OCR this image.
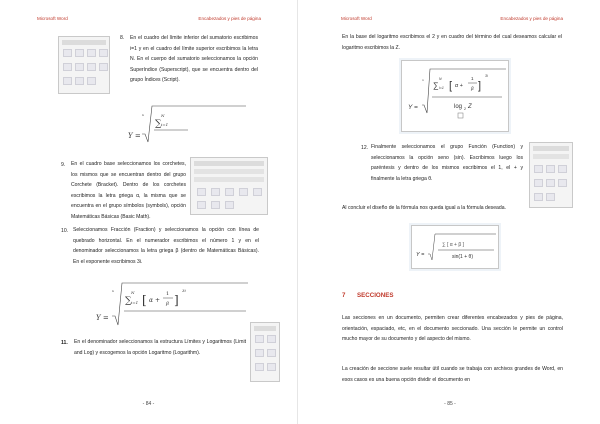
Microsoft Word	Encabezados y pies de página
8. En el cuadro del límite inferior del sumatorio escribimos i=1 y en el cuadro del límite superior escribimos la letra N. En el cuerpo del sumatorio seleccionamos la opción Superíndice (Superscript), que se encuentra dentro del grupo Índices (Script).
Y =
n
∑
N
i=1
9. En el cuadro base seleccionamos los corchetes, los mismos que se encuentran dentro del grupo Corchete (Bracket). Dentro de los corchetes escribimos la letra griega α, la misma que se encuentra en el grupo símbolos (symbols), opción Matemáticas Básicas (Basic Math).
10. Seleccionamos Fracción (Fraction) y seleccionamos la opción con línea de quebrado horizontal. En el numerador escribimos el número 1 y en el denominador seleccionamos la letra griega β (dentro de Matemáticas Básicas). En el exponente escribimos 3i.
Y =
n
∑
N
i=1 [ α +
1
β ]
3i
11. En el denominador seleccionamos la estructura Límites y Logaritmos (Limit and Log) y escogemos la opción Logaritmo (Logarithm).
- 84 -
Microsoft Word	Encabezados y pies de página
En la base del logaritmo escribimos el 2 y en cuadro del término del cual deseamos calcular el logaritmo escribimos la Z.
Y =
n
∑
N
i=1 [ α +
1
β ]
3i
log 2 Z
12. Finalmente seleccionamos el grupo Función (Function) y seleccionamos la opción seno (sin). Escribimos luego los paréntesis y dentro de los mismos escribimos el 1, el + y finalmente la letra griega θ.
Al concluir el diseño de la fórmula nos queda igual a la fórmula deseada.
Y =
∑ [ α + β ]
sin(1 + θ)
7 SECCIONES
Las secciones en un documento, permiten crear diferentes encabezados y pies de página, orientación, espaciado, etc, en el documento seccionado. Una sección le permite un control mucho mayor de su documento y del aspecto del mismo.
La creación de seccione suele resultar útil cuando se trabaja con archivos grandes de Word, en esos casos es una buena opción dividir el documento en
- 85 -
